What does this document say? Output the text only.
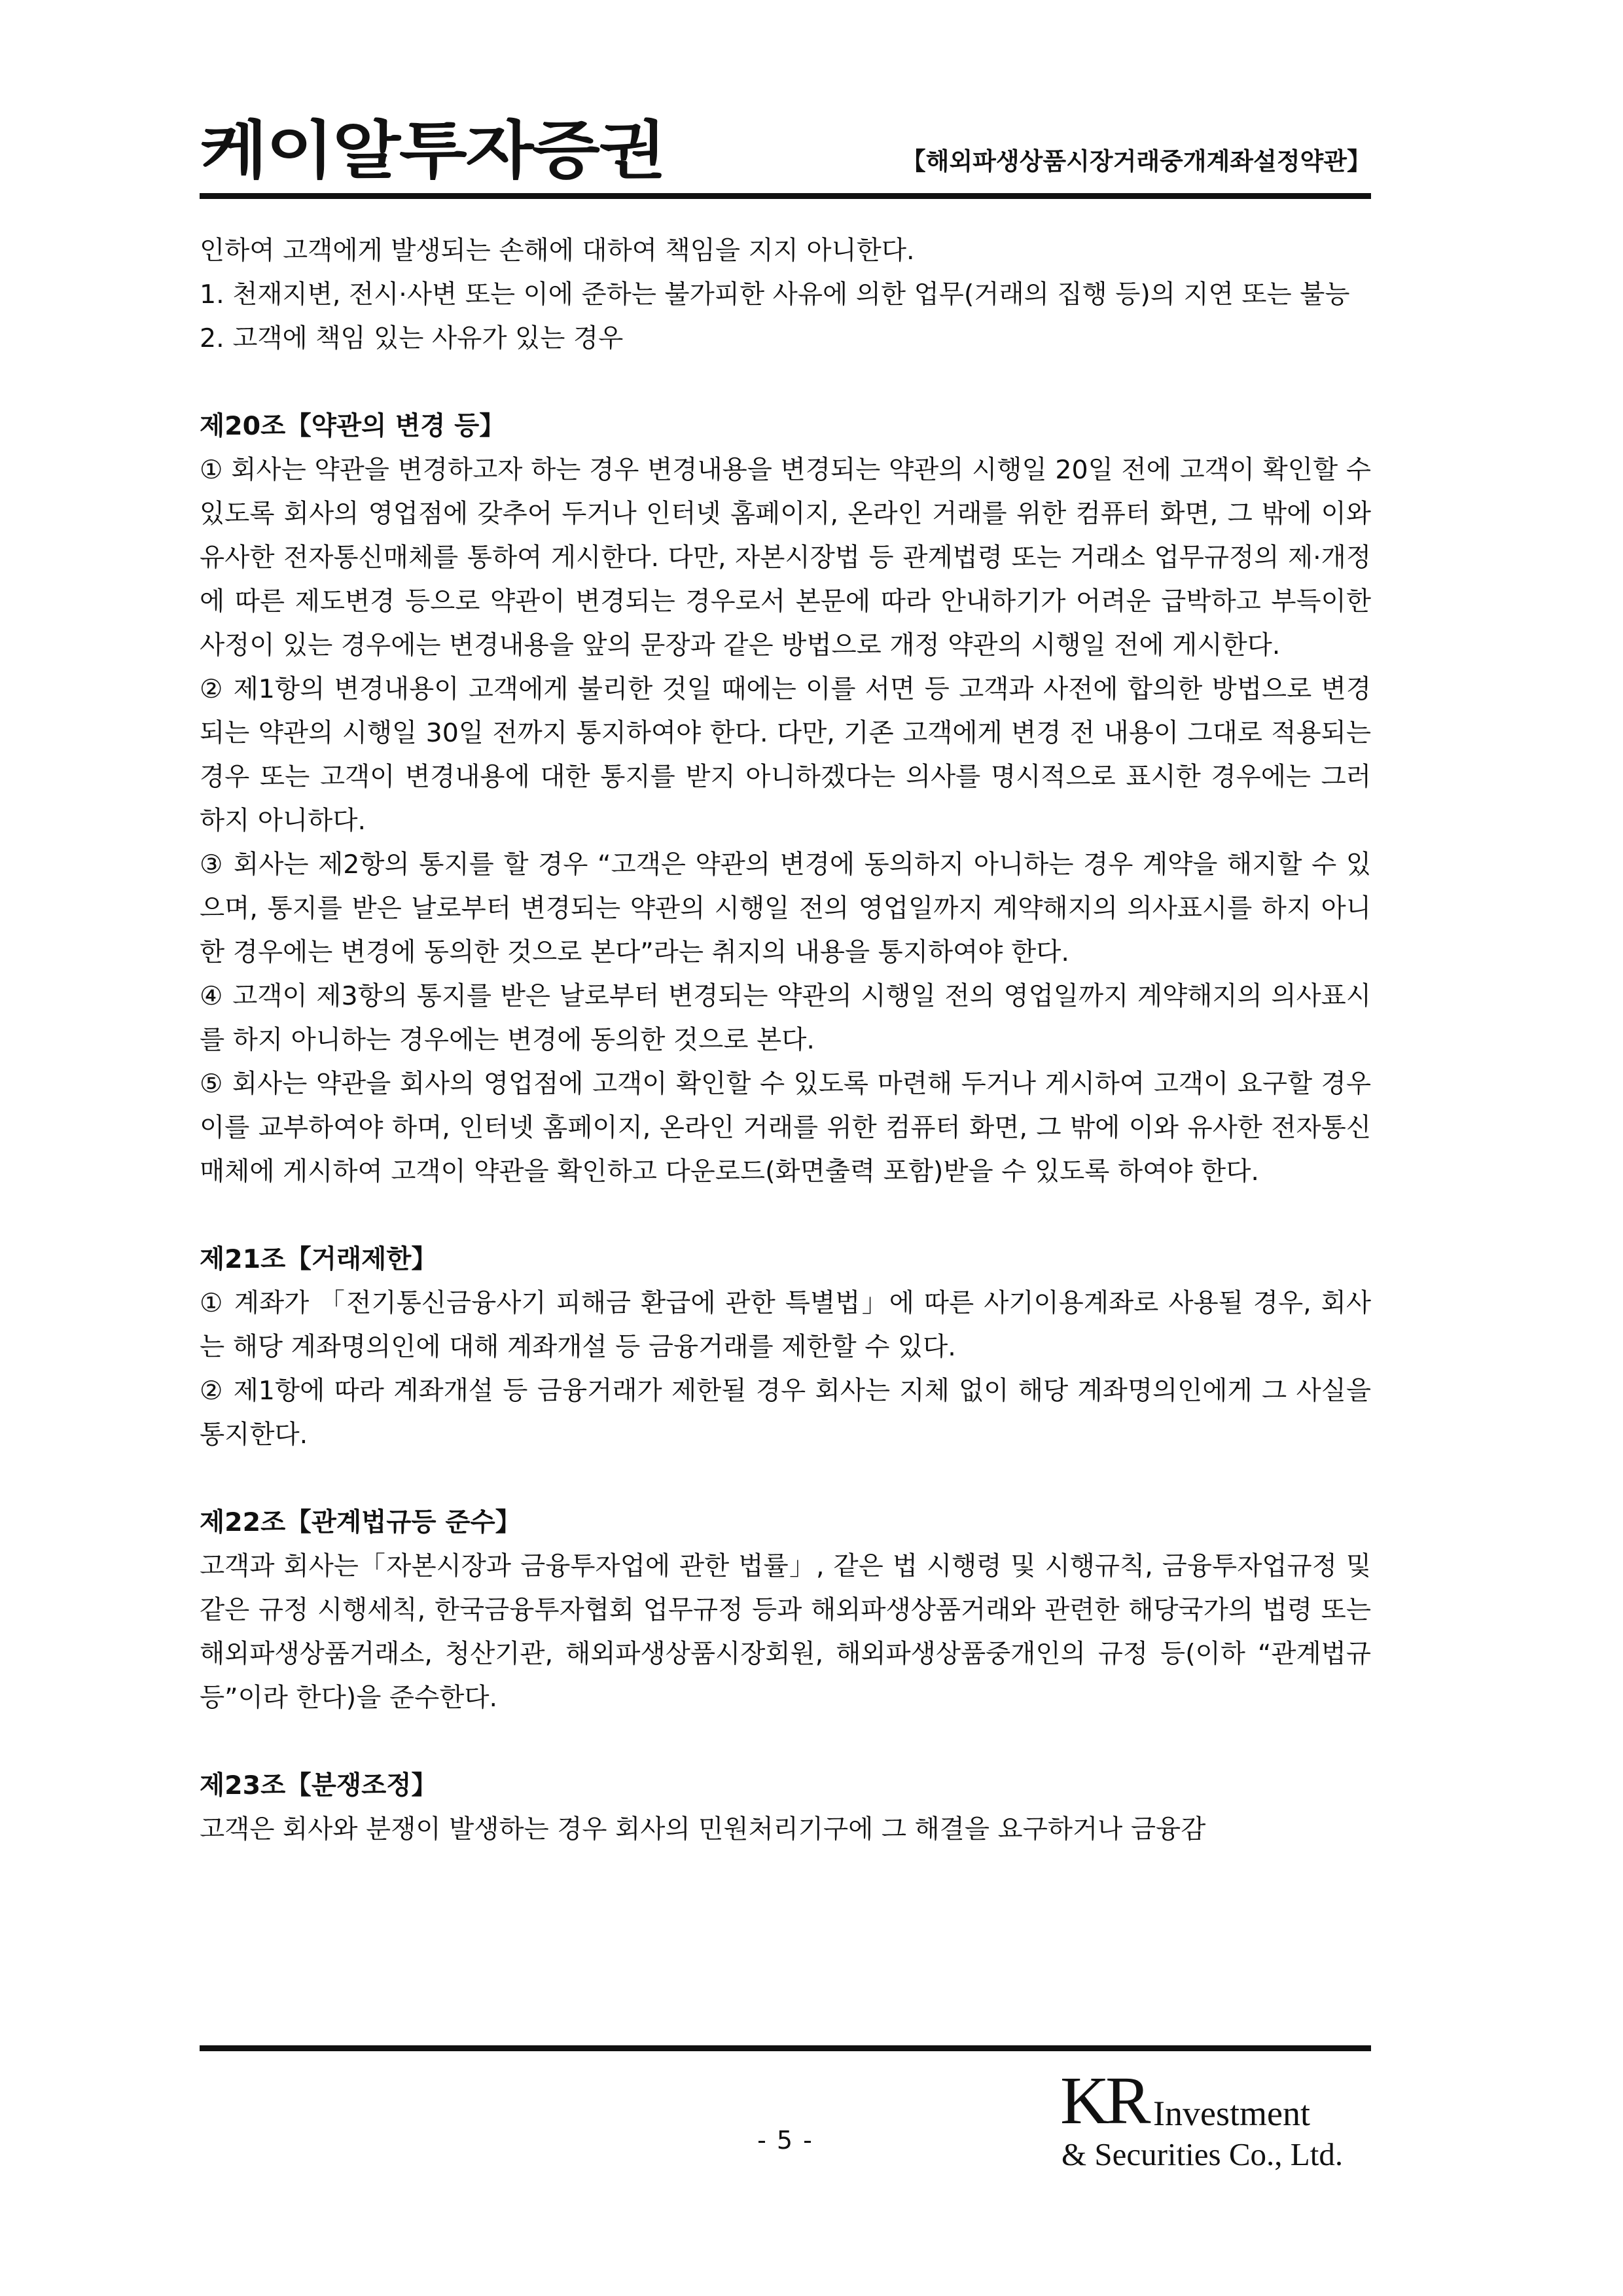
케이알투자증권	【해외파생상품시장거래중개계좌설정약관】

인하여 고객에게 발생되는 손해에 대하여 책임을 지지 아니한다.

1. 천재지변, 전시·사변 또는 이에 준하는 불가피한 사유에 의한 업무(거래의 집행 등)의 지연 또는 불능

2. 고객에 책임 있는 사유가 있는 경우

제20조【약관의 변경 등】

① 회사는 약관을 변경하고자 하는 경우 변경내용을 변경되는 약관의 시행일 20일 전에 고객이 확인할 수 있도록 회사의 영업점에 갖추어 두거나 인터넷 홈페이지, 온라인 거래를 위한 컴퓨터 화면, 그 밖에 이와 유사한 전자통신매체를 통하여 게시한다. 다만, 자본시장법 등 관계법령 또는 거래소 업무규정의 제·개정에 따른 제도변경 등으로 약관이 변경되는 경우로서 본문에 따라 안내하기가 어려운 급박하고 부득이한 사정이 있는 경우에는 변경내용을 앞의 문장과 같은 방법으로 개정 약관의 시행일 전에 게시한다.

② 제1항의 변경내용이 고객에게 불리한 것일 때에는 이를 서면 등 고객과 사전에 합의한 방법으로 변경되는 약관의 시행일 30일 전까지 통지하여야 한다. 다만, 기존 고객에게 변경 전 내용이 그대로 적용되는 경우 또는 고객이 변경내용에 대한 통지를 받지 아니하겠다는 의사를 명시적으로 표시한 경우에는 그러하지 아니하다.

③ 회사는 제2항의 통지를 할 경우 “고객은 약관의 변경에 동의하지 아니하는 경우 계약을 해지할 수 있으며, 통지를 받은 날로부터 변경되는 약관의 시행일 전의 영업일까지 계약해지의 의사표시를 하지 아니한 경우에는 변경에 동의한 것으로 본다”라는 취지의 내용을 통지하여야 한다.

④ 고객이 제3항의 통지를 받은 날로부터 변경되는 약관의 시행일 전의 영업일까지 계약해지의 의사표시를 하지 아니하는 경우에는 변경에 동의한 것으로 본다.

⑤ 회사는 약관을 회사의 영업점에 고객이 확인할 수 있도록 마련해 두거나 게시하여 고객이 요구할 경우 이를 교부하여야 하며, 인터넷 홈페이지, 온라인 거래를 위한 컴퓨터 화면, 그 밖에 이와 유사한 전자통신매체에 게시하여 고객이 약관을 확인하고 다운로드(화면출력 포함)받을 수 있도록 하여야 한다.

제21조【거래제한】

① 계좌가 「전기통신금융사기 피해금 환급에 관한 특별법」에 따른 사기이용계좌로 사용될 경우, 회사는 해당 계좌명의인에 대해 계좌개설 등 금융거래를 제한할 수 있다.

② 제1항에 따라 계좌개설 등 금융거래가 제한될 경우 회사는 지체 없이 해당 계좌명의인에게 그 사실을 통지한다.

제22조【관계법규등 준수】

고객과 회사는「자본시장과 금융투자업에 관한 법률」, 같은 법 시행령 및 시행규칙, 금융투자업규정 및 같은 규정 시행세칙, 한국금융투자협회 업무규정 등과 해외파생상품거래와 관련한 해당국가의 법령 또는 해외파생상품거래소, 청산기관, 해외파생상품시장회원, 해외파생상품중개인의 규정 등(이하 “관계법규등”이라 한다)을 준수한다.

제23조【분쟁조정】

고객은 회사와 분쟁이 발생하는 경우 회사의 민원처리기구에 그 해결을 요구하거나 금융감

- 5 -
KR Investment
& Securities Co., Ltd.
